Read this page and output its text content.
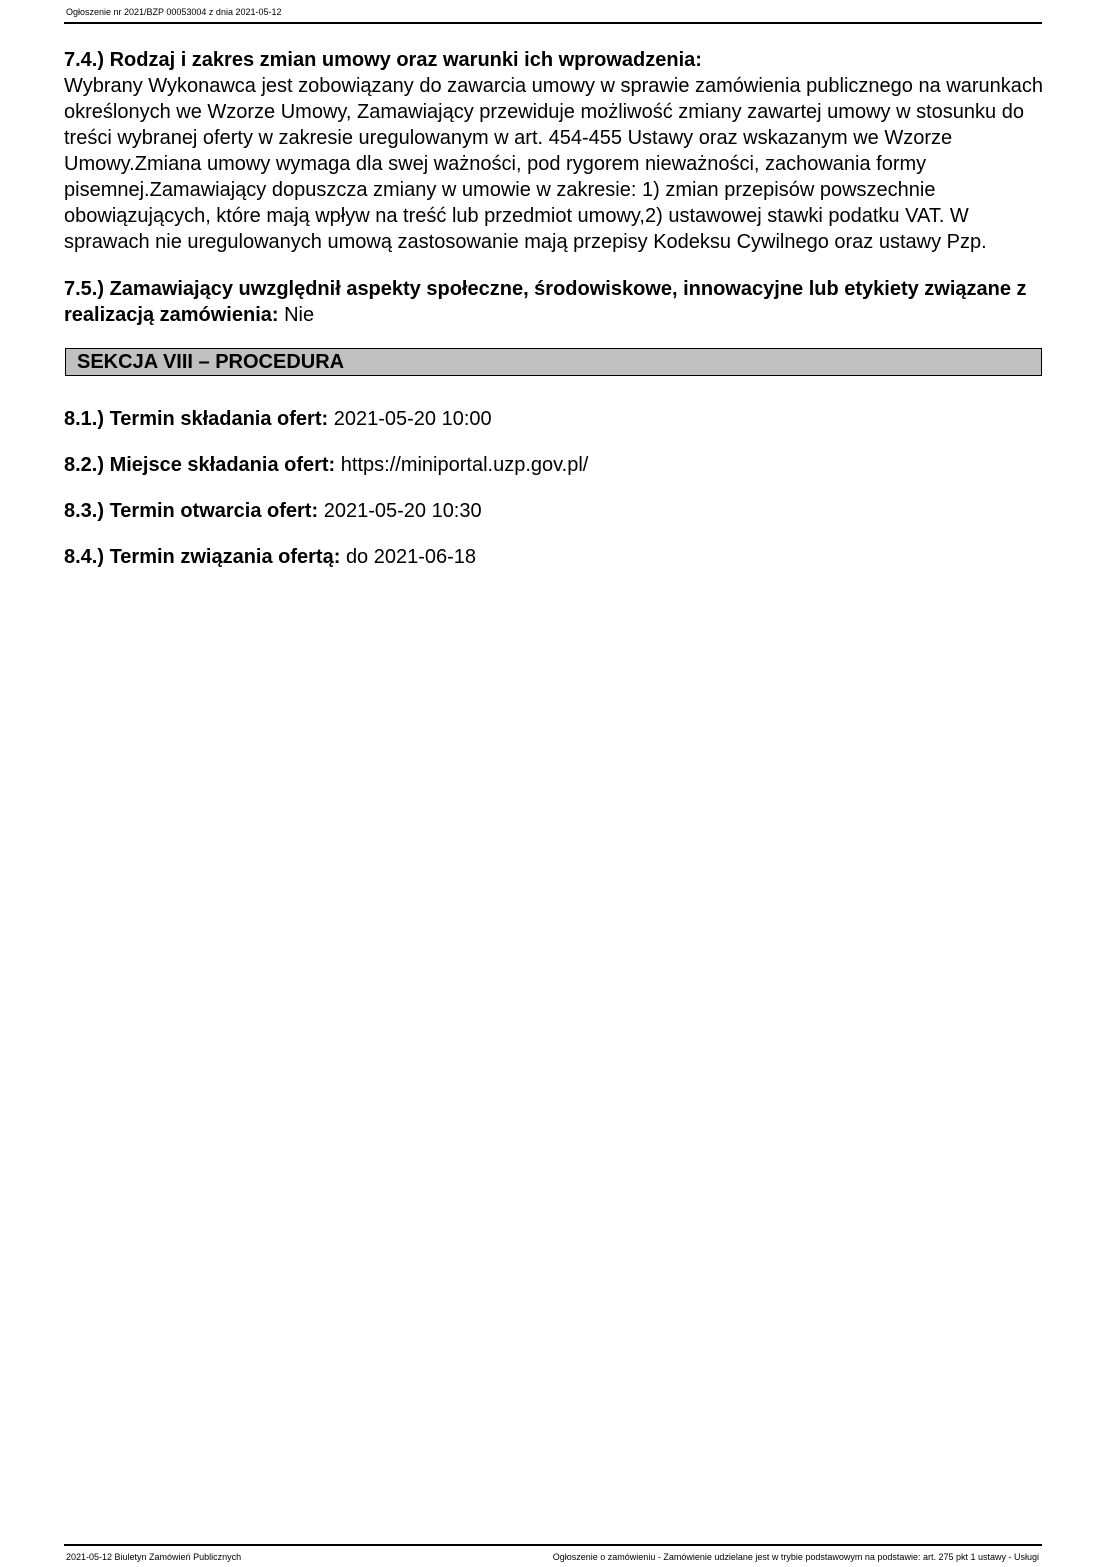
Ogłoszenie nr 2021/BZP 00053004 z dnia 2021-05-12
7.4.) Rodzaj i zakres zmian umowy oraz warunki ich wprowadzenia:
Wybrany Wykonawca jest zobowiązany do zawarcia umowy w sprawie zamówienia publicznego na warunkach określonych we Wzorze Umowy, Zamawiający przewiduje możliwość zmiany zawartej umowy w stosunku do treści wybranej oferty w zakresie uregulowanym w art. 454-455 Ustawy oraz wskazanym we Wzorze Umowy.Zmiana umowy wymaga dla swej ważności, pod rygorem nieważności, zachowania formy pisemnej.Zamawiający dopuszcza zmiany w umowie w zakresie: 1) zmian przepisów powszechnie obowiązujących, które mają wpływ na treść lub przedmiot umowy,2) ustawowej stawki podatku VAT. W sprawach nie uregulowanych umową zastosowanie mają przepisy Kodeksu Cywilnego oraz ustawy Pzp.
7.5.) Zamawiający uwzględnił aspekty społeczne, środowiskowe, innowacyjne lub etykiety związane z realizacją zamówienia: Nie
SEKCJA VIII – PROCEDURA
8.1.) Termin składania ofert: 2021-05-20 10:00
8.2.) Miejsce składania ofert: https://miniportal.uzp.gov.pl/
8.3.) Termin otwarcia ofert: 2021-05-20 10:30
8.4.) Termin związania ofertą: do 2021-06-18
2021-05-12 Biuletyn Zamówień Publicznych	Ogłoszenie o zamówieniu - Zamówienie udzielane jest w trybie podstawowym na podstawie: art. 275 pkt 1 ustawy - Usługi
